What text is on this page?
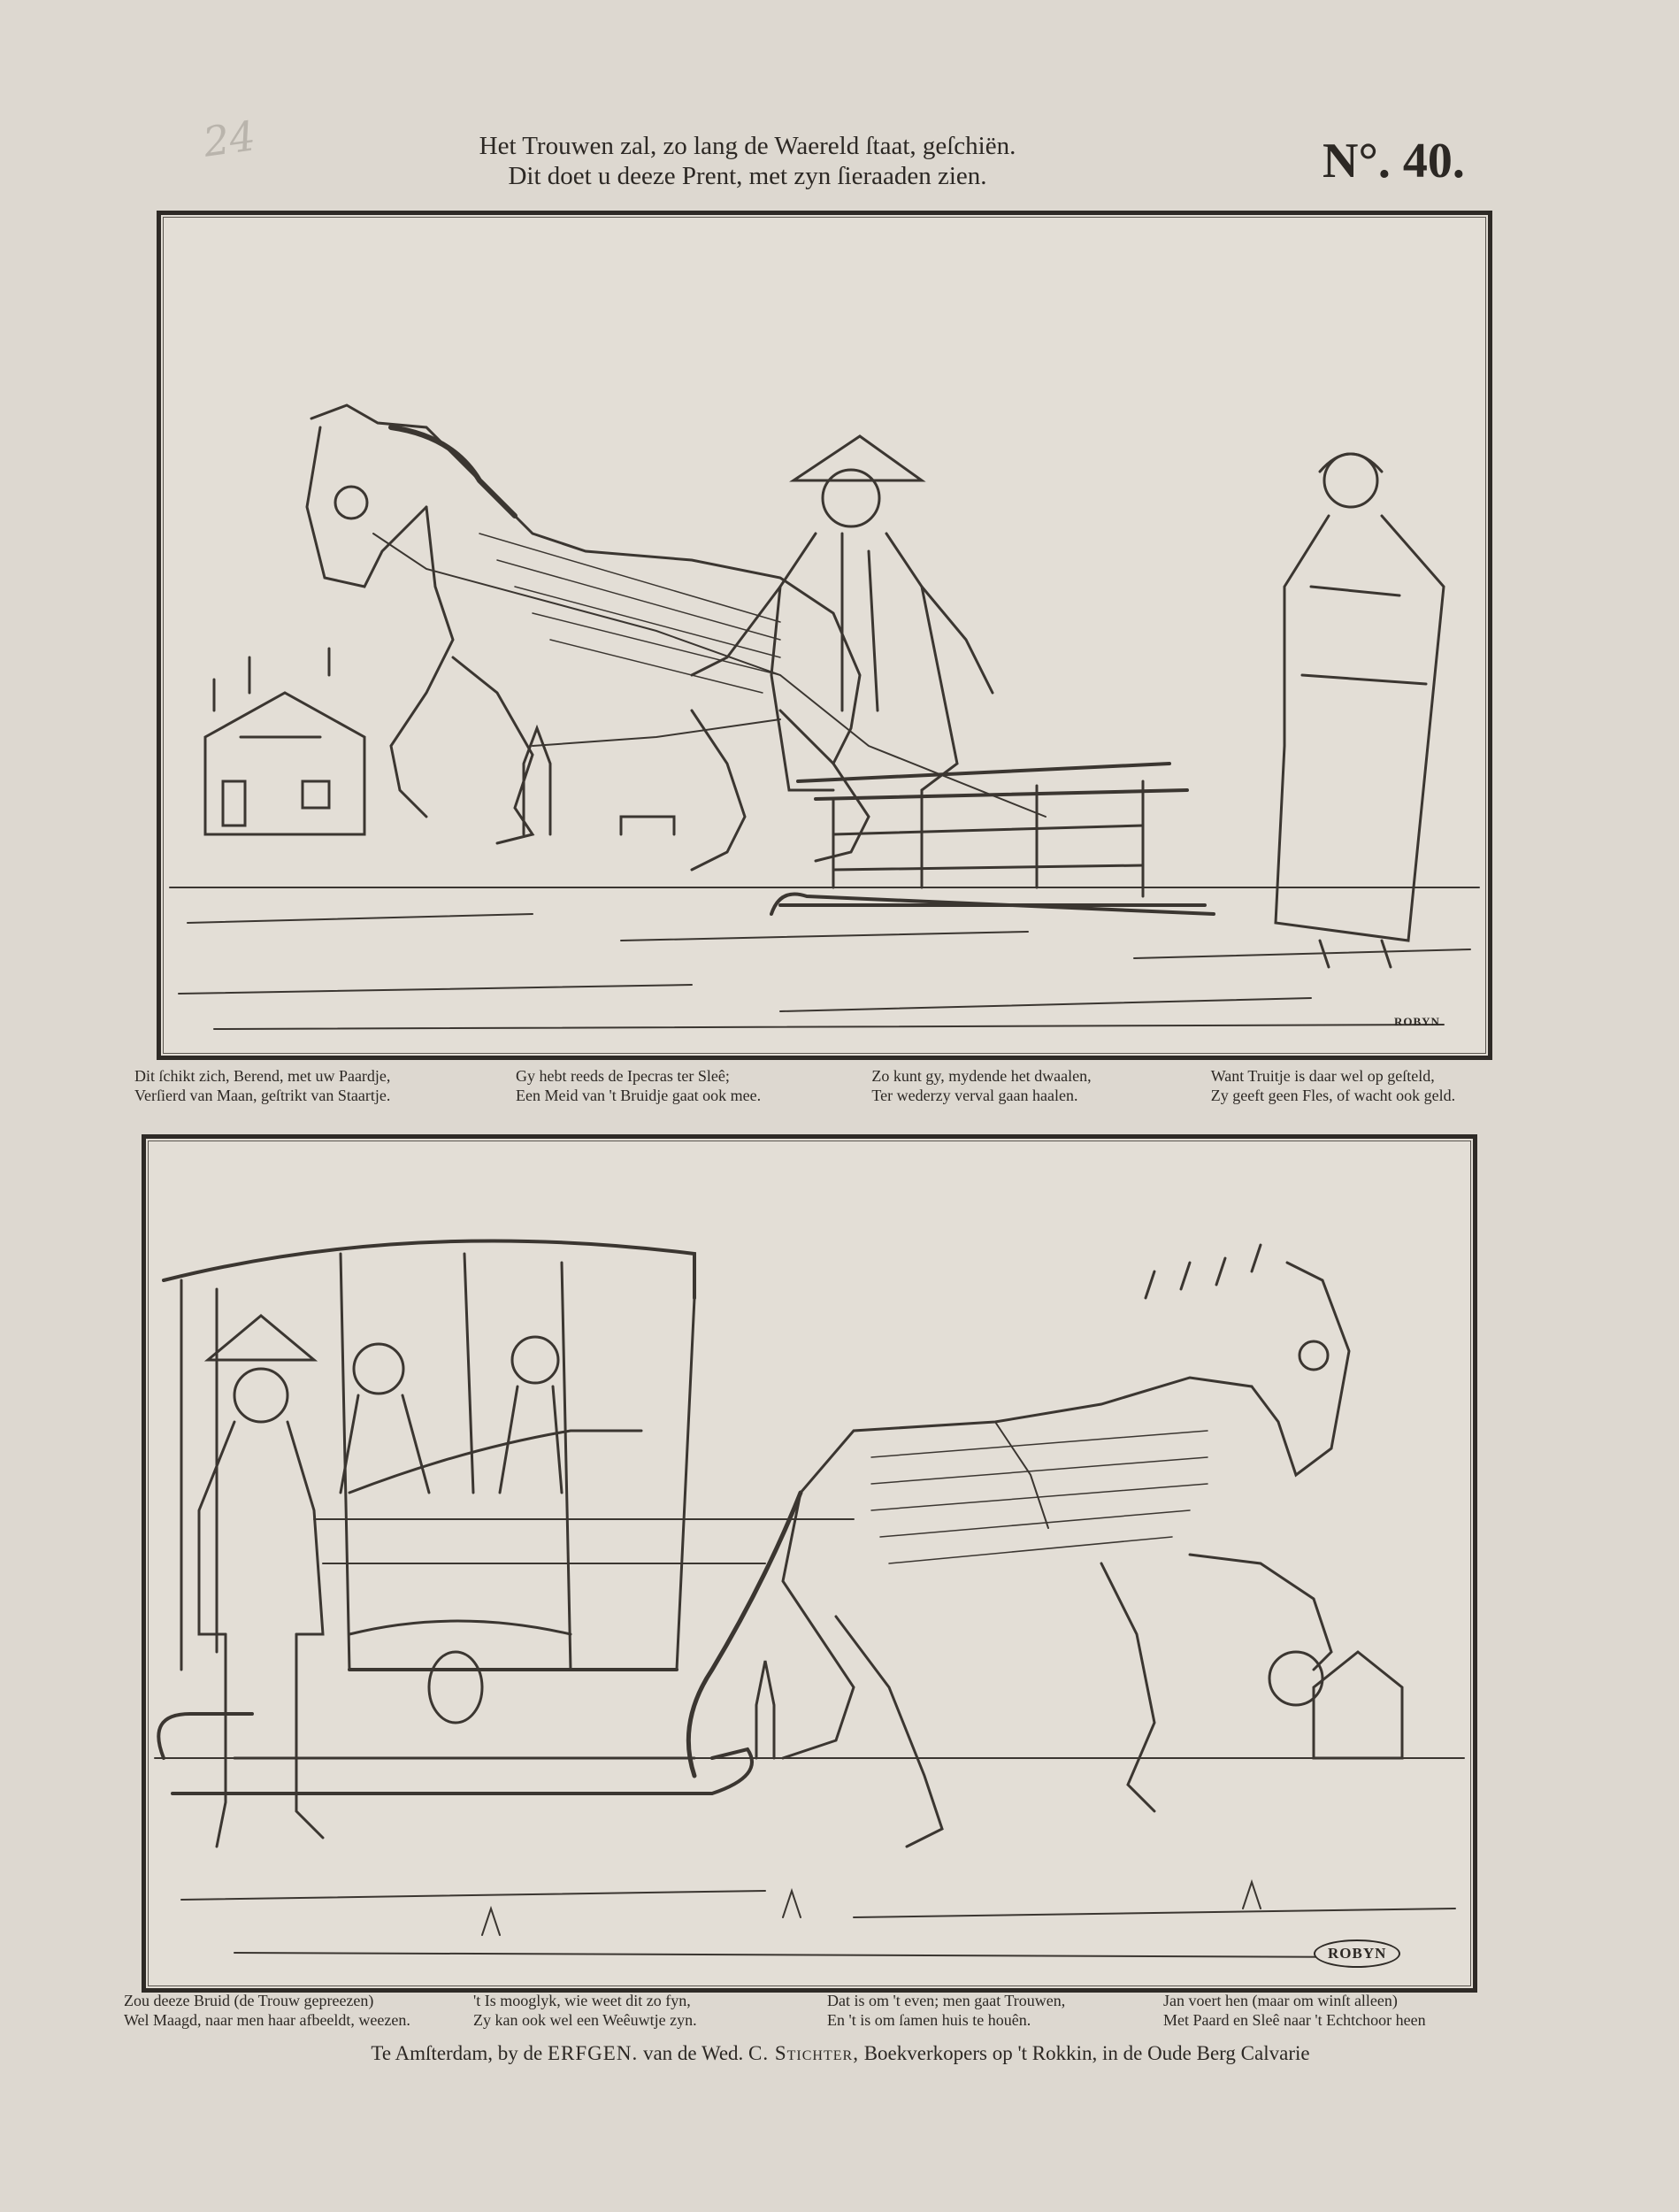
24	Het Trouwen zal, zo lang de Waereld ſtaat, geſchiën.
Dit doet u deeze Prent, met zyn ſieraaden zien.	N°. 40.
ROBYN
Dit ſchikt zich, Berend, met uw Paardje,
Verſierd van Maan, geſtrikt van Staartje.
Gy hebt reeds de Ipecras ter Sleê;
Een Meid van 't Bruidje gaat ook mee.
Zo kunt gy, mydende het dwaalen,
Ter wederzy verval gaan haalen.
Want Truitje is daar wel op geſteld,
Zy geeft geen Fles, of wacht ook geld.
ROBYN
Zou deeze Bruid (de Trouw gepreezen)
Wel Maagd, naar men haar afbeeldt, weezen.
't Is mooglyk, wie weet dit zo fyn,
Zy kan ook wel een Weêuwtje zyn.
Dat is om 't even; men gaat Trouwen,
En 't is om ſamen huis te houên.
Jan voert hen (maar om winſt alleen)
Met Paard en Sleê naar 't Echtchoor heen
Te Amſterdam, by de ERFGEN. van de Wed. C. Stichter, Boekverkopers op 't Rokkin, in de Oude Berg Calvarie
